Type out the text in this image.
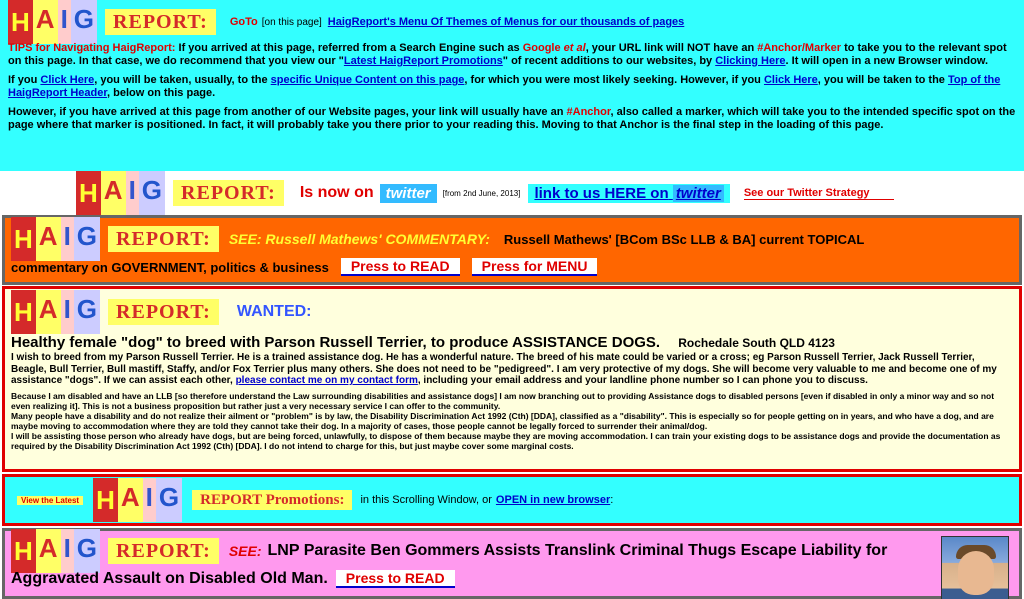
H A I G REPORT:	GoTo [on this page] HaigReport's Menu Of Themes of Menus for our thousands of pages

TIPS for Navigating HaigReport: If you arrived at this page, referred from a Search Engine such as Google et al, your URL link will NOT have an #Anchor/Marker to take you to the relevant spot on this page. In that case, we do recommend that you view our "Latest HaigReport Promotions" of recent additions to our websites, by Clicking Here. It will open in a new Browser window.

If you Click Here, you will be taken, usually, to the specific Unique Content on this page, for which you were most likely seeking. However, if you Click Here, you will be taken to the Top of the HaigReport Header, below on this page.

However, if you have arrived at this page from another of our Website pages, your link will usually have an #Anchor, also called a marker, which will take you to the intended specific spot on the page where that marker is positioned. In fact, it will probably take you there prior to your reading this. Moving to that Anchor is the final step in the loading of this page.

H A I G REPORT:	Is now on twitter	[from 2nd June, 2013] link to us HERE on twitter	See our Twitter Strategy
H A I G REPORT:	SEE: Russell Mathews' COMMENTARY: Russell Mathews' [BCom BSc LLB & BA] current TOPICAL
commentary on GOVERNMENT, politics & business	Press to READ	Press for MENU
H A I G REPORT:	WANTED:
Healthy female "dog" to breed with Parson Russell Terrier, to produce ASSISTANCE DOGS. Rochedale South QLD 4123

I wish to breed from my Parson Russell Terrier. He is a trained assistance dog. He has a wonderful nature. The breed of his mate could be varied or a cross; eg Parson Russell Terrier, Jack Russell Terrier, Beagle, Bull Terrier, Bull mastiff, Staffy, and/or Fox Terrier plus many others. She does not need to be "pedigreed". I am very protective of my dogs. She will become very valuable to me and become one of my assistance "dogs". If we can assist each other, please contact me on my contact form, including your email address and your landline phone number so I can phone you to discuss.

Because I am disabled and have an LLB [so therefore understand the Law surrounding disabilities and assistance dogs] I am now branching out to providing Assistance dogs to disabled persons [even if disabled in only a minor way and so not even realizing it]. This is not a business proposition but rather just a very necessary service I can offer to the community.

Many people have a disability and do not realize their ailment or "problem" is by law, the Disability Discrimination Act 1992 (Cth) [DDA], classified as a "disability". This is especially so for people getting on in years, and who have a dog, and are maybe moving to accommodation where they are told they cannot take their dog. In a majority of cases, those people cannot be legally forced to surrender their animal/dog.

I will be assisting those person who already have dogs, but are being forced, unlawfully, to dispose of them because maybe they are moving accommodation. I can train your existing dogs to be assistance dogs and provide the documentation as required by the Disability Discrimination Act 1992 (Cth) [DDA]. I do not intend to charge for this, but just maybe cover some marginal costs.

View the Latest H A I G	REPORT Promotions:	in this Scrolling Window, or OPEN in new browser :
H A I G REPORT:	SEE: LNP Parasite Ben Gommers Assists Translink Criminal Thugs Escape Liability for
Aggravated Assault on Disabled Old Man.	Press to READ
